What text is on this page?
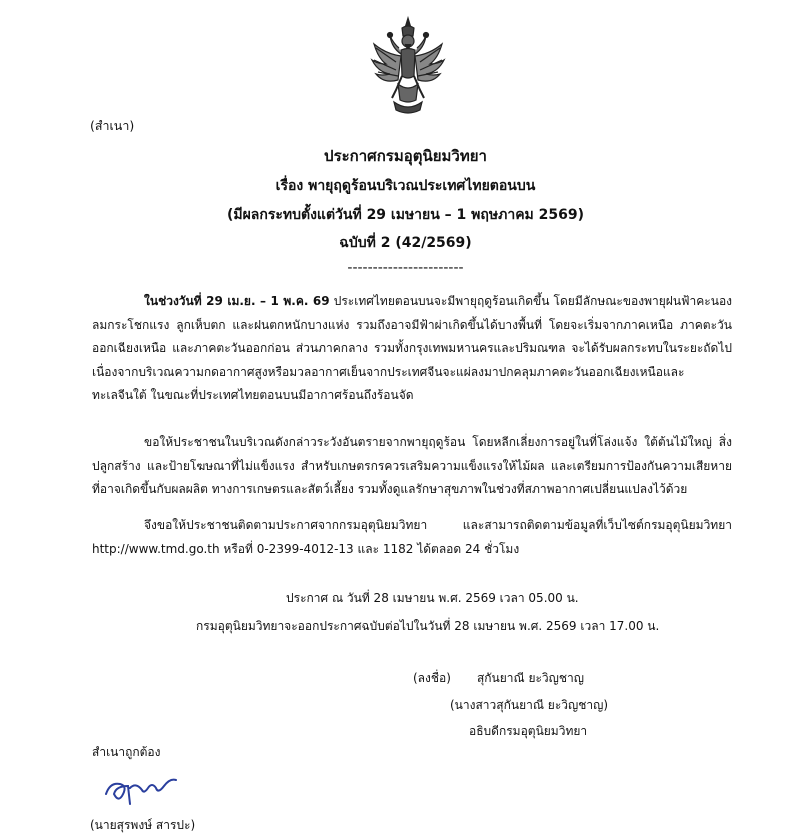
(สำเนา)
ประกาศกรมอุตุนิยมวิทยา
เรื่อง พายุฤดูร้อนบริเวณประเทศไทยตอนบน
(มีผลกระทบตั้งแต่วันที่ 29 เมษายน – 1 พฤษภาคม 2569)
ฉบับที่ 2 (42/2569)
-----------------------

ในช่วงวันที่ 29 เม.ย. – 1 พ.ค. 69 ประเทศไทยตอนบนจะมีพายุฤดูร้อนเกิดขึ้น โดยมีลักษณะของพายุฝนฟ้าคะนอง ลมกระโชกแรง ลูกเห็บตก และฝนตกหนักบางแห่ง รวมถึงอาจมีฟ้าผ่าเกิดขึ้นได้บางพื้นที่ โดยจะเริ่มจากภาคเหนือ ภาคตะวันออกเฉียงเหนือ และภาคตะวันออกก่อน ส่วนภาคกลาง รวมทั้งกรุงเทพมหานครและปริมณฑล จะได้รับผลกระทบในระยะถัดไป เนื่องจากบริเวณความกดอากาศสูงหรือมวลอากาศเย็นจากประเทศจีนจะแผ่ลงมาปกคลุมภาคตะวันออกเฉียงเหนือและทะเลจีนใต้ ในขณะที่ประเทศไทยตอนบนมีอากาศร้อนถึงร้อนจัด

ขอให้ประชาชนในบริเวณดังกล่าวระวังอันตรายจากพายุฤดูร้อน โดยหลีกเลี่ยงการอยู่ในที่โล่งแจ้ง ใต้ต้นไม้ใหญ่ สิ่งปลูกสร้าง และป้ายโฆษณาที่ไม่แข็งแรง สำหรับเกษตรกรควรเสริมความแข็งแรงให้ไม้ผล และเตรียมการป้องกันความเสียหายที่อาจเกิดขึ้นกับผลผลิต ทางการเกษตรและสัตว์เลี้ยง รวมทั้งดูแลรักษาสุขภาพในช่วงที่สภาพอากาศเปลี่ยนแปลงไว้ด้วย

จึงขอให้ประชาชนติดตามประกาศจากกรมอุตุนิยมวิทยา และสามารถติดตามข้อมูลที่เว็บไซต์กรมอุตุนิยมวิทยา http://www.tmd.go.th หรือที่ 0-2399-4012-13 และ 1182 ได้ตลอด 24 ชั่วโมง

ประกาศ ณ วันที่ 28 เมษายน พ.ศ. 2569 เวลา 05.00 น.
กรมอุตุนิยมวิทยาจะออกประกาศฉบับต่อไปในวันที่ 28 เมษายน พ.ศ. 2569 เวลา 17.00 น.
(ลงชื่อ) สุกันยาณี ยะวิญชาญ
(นางสาวสุกันยาณี ยะวิญชาญ)
อธิบดีกรมอุตุนิยมวิทยา
สำเนาถูกต้อง
(นายสุรพงษ์ สารปะ)
